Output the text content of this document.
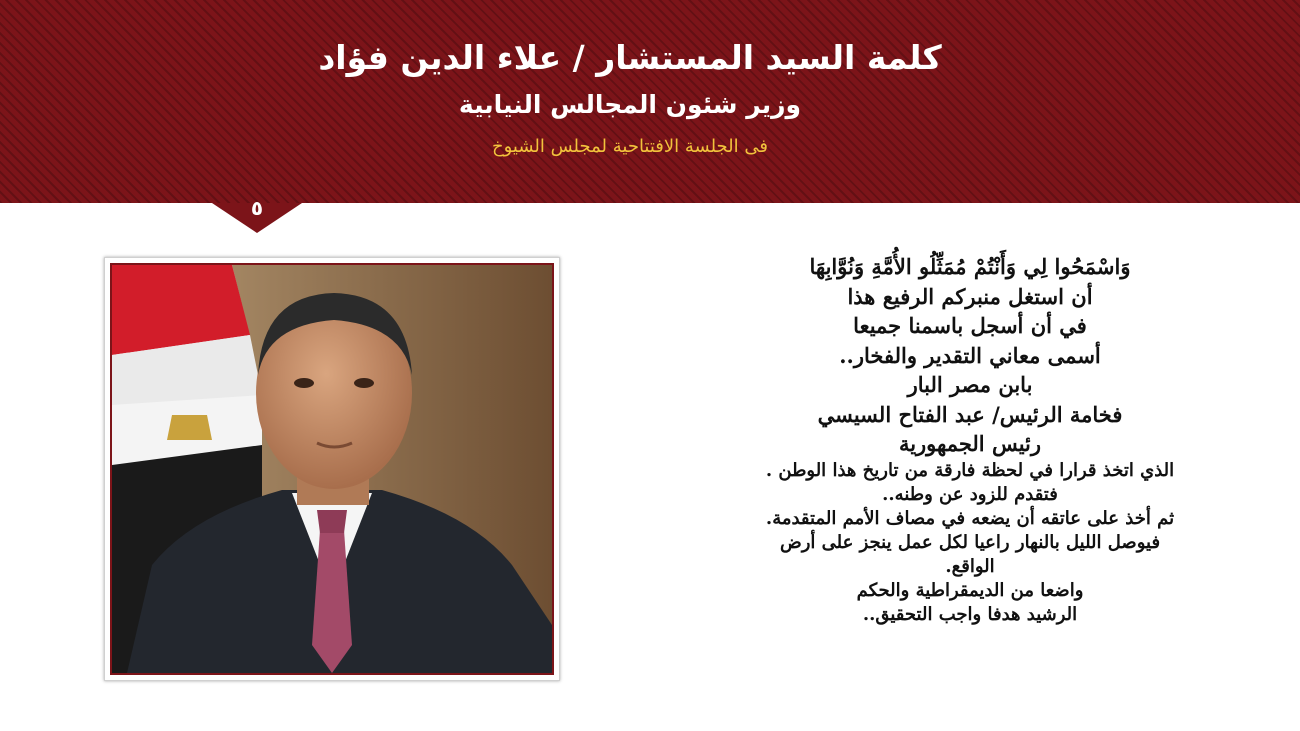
كلمة السيد المستشار / علاء الدين فؤاد
وزير شئون المجالس النيابية
فى الجلسة الافتتاحية لمجلس الشيوخ
٥

وَاسْمَحُوا لِي وَأَنْتُمْ مُمَثِّلُو الأُمَّةِ وَنُوَّابِهَا

أن استغل منبركم الرفيع هذا

في أن أسجل باسمنا جميعا

أسمى معاني التقدير والفخار..

بابن مصر البار

فخامة الرئيس/ عبد الفتاح السيسي

رئيس الجمهورية

الذي اتخذ قرارا في لحظة فارقة من تاريخ هذا الوطن .

فتقدم للزود عن وطنه..

ثم أخذ على عاتقه أن يضعه في مصاف الأمم المتقدمة.

فيوصل الليل بالنهار راعيا لكل عمل ينجز على أرض

الواقع.

واضعا من الديمقراطية والحكم

الرشيد هدفا واجب التحقيق..
